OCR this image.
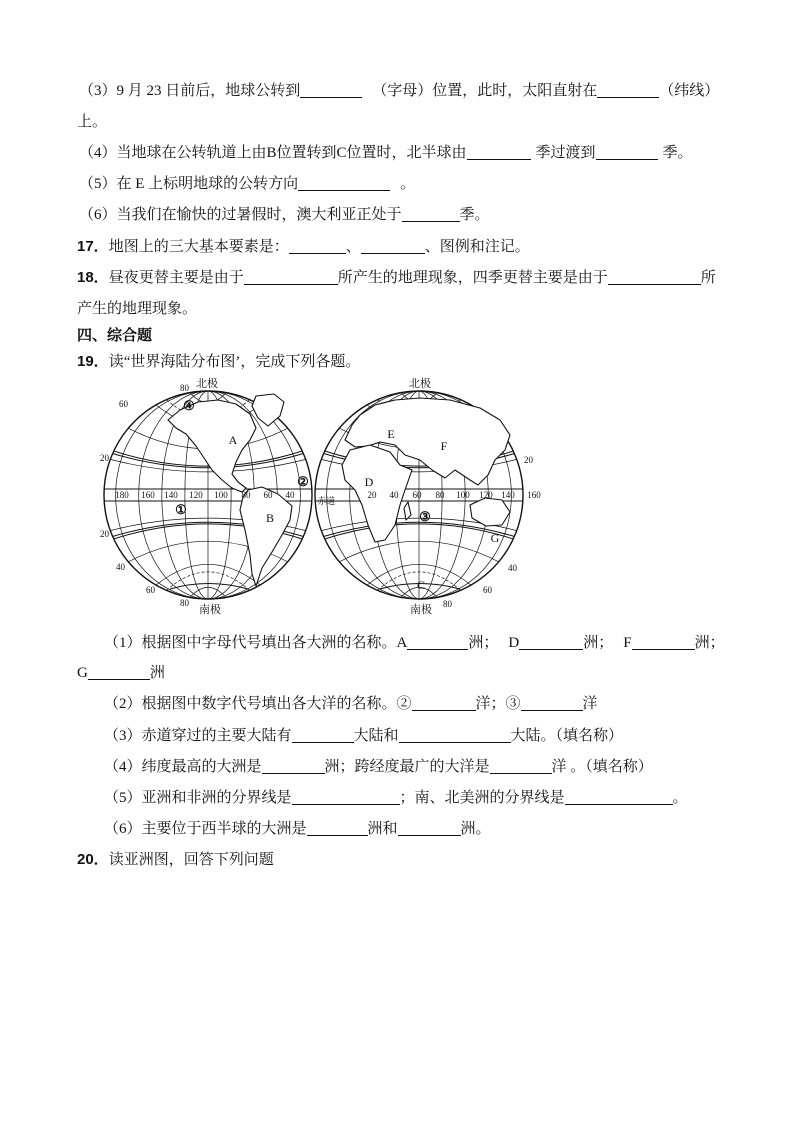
（3）9 月 23 日前后，地球公转到	（字母）位置，此时，太阳直射在	（纬线）
上。
（4）当地球在公转轨道上由B位置转到C位置时，北半球由	季过渡到	季。
（5）在 E 上标明地球的公转方向	。
（6）当我们在愉快的过暑假时，澳大利亚正处于	季。
17．地图上的三大基本要素是：	、	、图例和注记。
18．昼夜更替主要是由于	所产生的地理现象，四季更替主要是由于	所
产生的地理现象。
四、综合题
19．读“世界海陆分布图’，完成下列各题。
北极	北极
南极	南极
赤道
180 160 140 120 100 80 60 40	20 40 60 80 100 120 140 160
80
60
20
20
40
60
80
20
40
60
80
④
②
①	③
A
B
C
D
E
F
G
（1）根据图中字母代号填出各大洲的名称。A	洲； D	洲； F	洲；
G	洲
（2）根据图中数字代号填出各大洋的名称。②	洋；③	洋
（3）赤道穿过的主要大陆有	大陆和	大陆。（填名称）
（4）纬度最高的大洲是	洲；跨经度最广的大洋是	洋 。（填名称）
（5）亚洲和非洲的分界线是	；南、北美洲的分界线是	。
（6）主要位于西半球的大洲是	洲和	洲。
20．读亚洲图，回答下列问题
